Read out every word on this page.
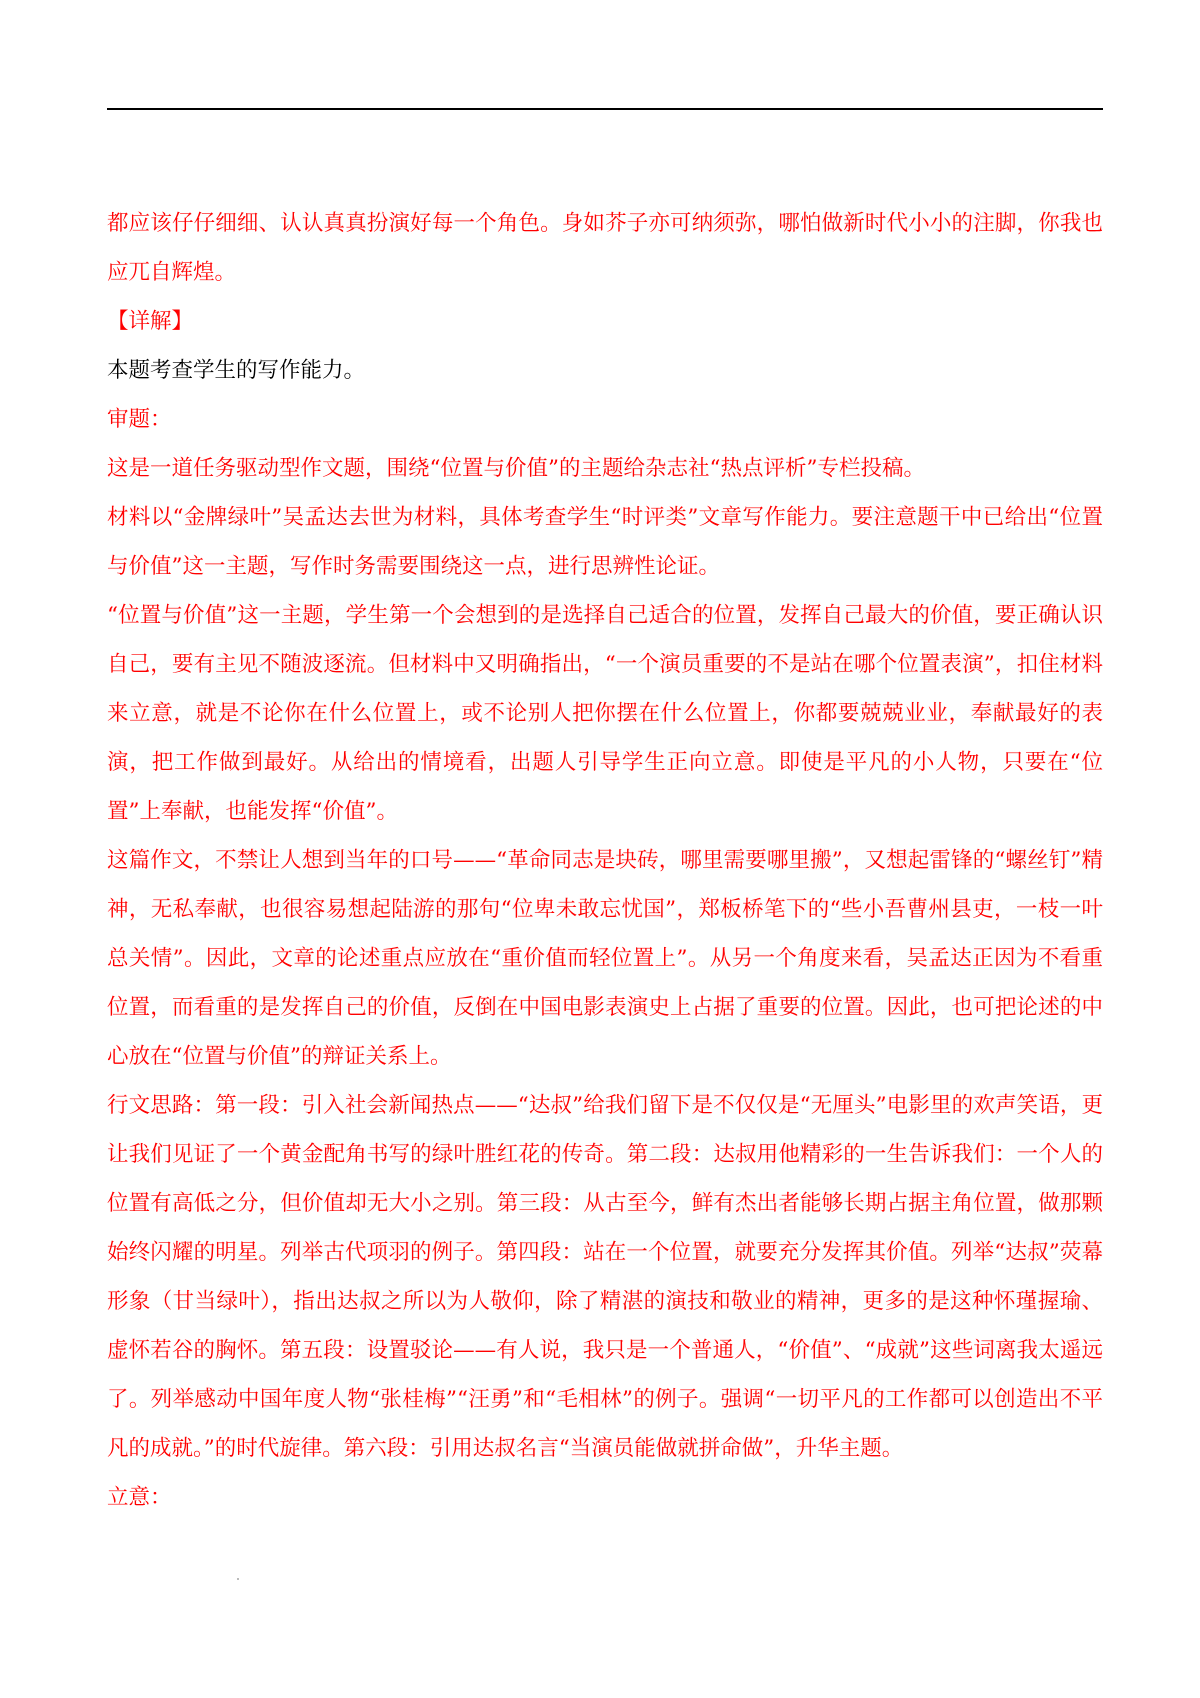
都应该仔仔细细、认认真真扮演好每一个角色。身如芥子亦可纳须弥，哪怕做新时代小小的注脚，你我也应兀自辉煌。

【详解】

本题考查学生的写作能力。

审题：

这是一道任务驱动型作文题，围绕“位置与价值”的主题给杂志社“热点评析”专栏投稿。

材料以“金牌绿叶”吴孟达去世为材料，具体考查学生“时评类”文章写作能力。要注意题干中已给出“位置与价值”这一主题，写作时务需要围绕这一点，进行思辨性论证。

“位置与价值”这一主题，学生第一个会想到的是选择自己适合的位置，发挥自己最大的价值，要正确认识自己，要有主见不随波逐流。但材料中又明确指出，“一个演员重要的不是站在哪个位置表演”，扣住材料来立意，就是不论你在什么位置上，或不论别人把你摆在什么位置上，你都要兢兢业业，奉献最好的表演，把工作做到最好。从给出的情境看，出题人引导学生正向立意。即使是平凡的小人物，只要在“位置”上奉献，也能发挥“价值”。

这篇作文，不禁让人想到当年的口号——“革命同志是块砖，哪里需要哪里搬”，又想起雷锋的“螺丝钉”精神，无私奉献，也很容易想起陆游的那句“位卑未敢忘忧国”，郑板桥笔下的“些小吾曹州县吏，一枝一叶总关情”。因此，文章的论述重点应放在“重价值而轻位置上”。从另一个角度来看，吴孟达正因为不看重位置，而看重的是发挥自己的价值，反倒在中国电影表演史上占据了重要的位置。因此，也可把论述的中心放在“位置与价值”的辩证关系上。

行文思路：第一段：引入社会新闻热点——“达叔”给我们留下是不仅仅是“无厘头”电影里的欢声笑语，更让我们见证了一个黄金配角书写的绿叶胜红花的传奇。第二段：达叔用他精彩的一生告诉我们：一个人的位置有高低之分，但价值却无大小之别。第三段：从古至今，鲜有杰出者能够长期占据主角位置，做那颗始终闪耀的明星。列举古代项羽的例子。第四段：站在一个位置，就要充分发挥其价值。列举“达叔”荧幕形象（甘当绿叶），指出达叔之所以为人敬仰，除了精湛的演技和敬业的精神，更多的是这种怀瑾握瑜、虚怀若谷的胸怀。第五段：设置驳论——有人说，我只是一个普通人，“价值”、“成就”这些词离我太遥远了。列举感动中国年度人物“张桂梅”“汪勇”和“毛相林”的例子。强调“一切平凡的工作都可以创造出不平凡的成就。”的时代旋律。第六段：引用达叔名言“当演员能做就拼命做”，升华主题。

立意：
